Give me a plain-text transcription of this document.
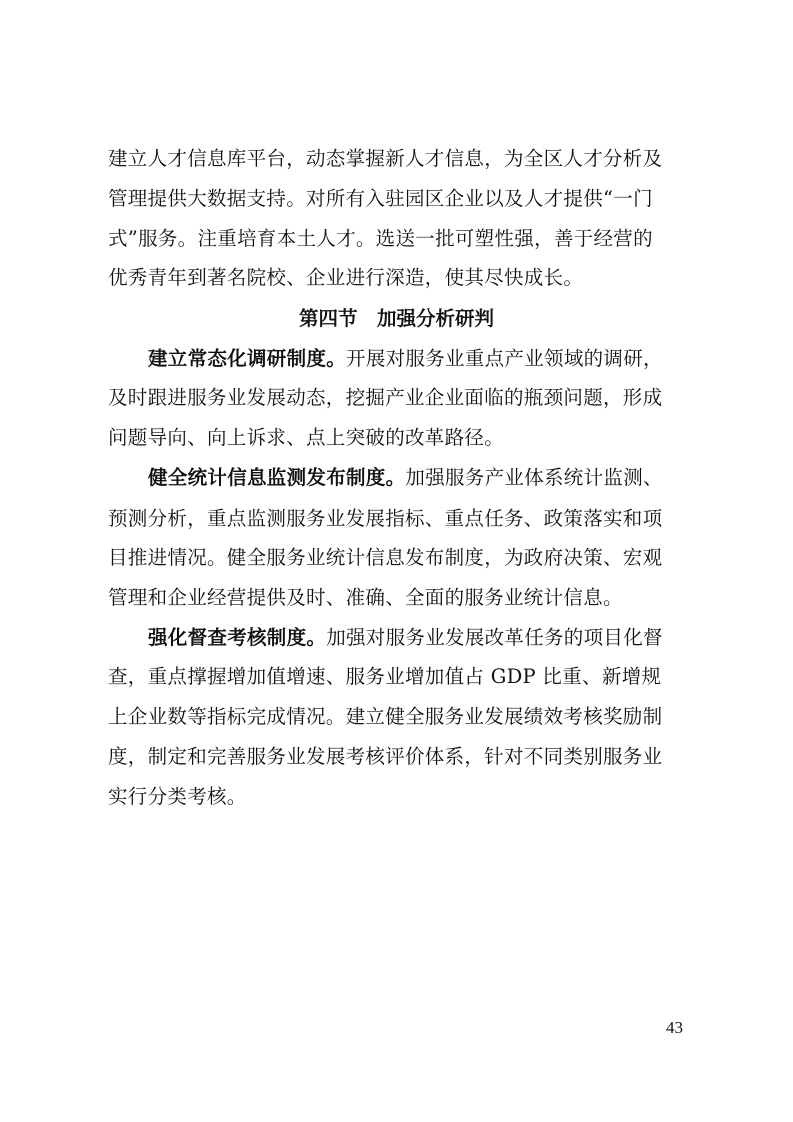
建立人才信息库平台，动态掌握新人才信息，为全区人才分析及
管理提供大数据支持。对所有入驻园区企业以及人才提供“一门
式”服务。注重培育本土人才。选送一批可塑性强，善于经营的
优秀青年到著名院校、企业进行深造，使其尽快成长。
第四节　加强分析研判
建立常态化调研制度。开展对服务业重点产业领域的调研，
及时跟进服务业发展动态，挖掘产业企业面临的瓶颈问题，形成
问题导向、向上诉求、点上突破的改革路径。
健全统计信息监测发布制度。加强服务产业体系统计监测、
预测分析，重点监测服务业发展指标、重点任务、政策落实和项
目推进情况。健全服务业统计信息发布制度，为政府决策、宏观
管理和企业经营提供及时、准确、全面的服务业统计信息。
强化督查考核制度。加强对服务业发展改革任务的项目化督
查，重点撑握增加值增速、服务业增加值占 GDP 比重、新增规
上企业数等指标完成情况。建立健全服务业发展绩效考核奖励制
度，制定和完善服务业发展考核评价体系，针对不同类别服务业
实行分类考核。
43
